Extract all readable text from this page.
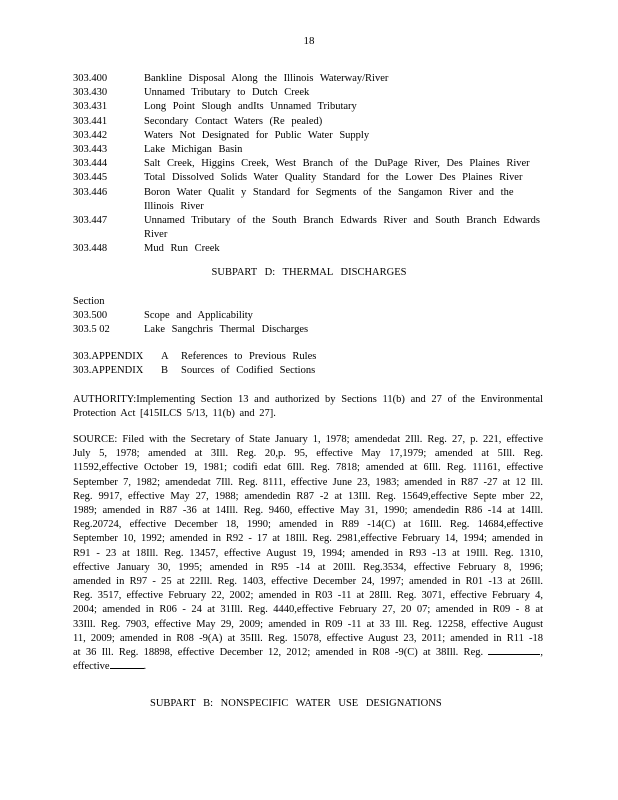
18
303.400	Bankline Disposal Along the Illinois Waterway/River
303.430	Unnamed Tributary to Dutch Creek
303.431	Long Point Slough andIts Unnamed Tributary
303.441	Secondary Contact Waters (Re pealed)
303.442	Waters Not Designated for Public Water Supply
303.443	Lake Michigan Basin
303.444	Salt Creek, Higgins Creek, West Branch of the DuPage River, Des Plaines River
303.445	Total Dissolved Solids Water Quality Standard for the Lower Des Plaines River
303.446	Boron Water Qualit y Standard for Segments of the Sangamon River and the Illinois River
303.447	Unnamed Tributary of the South Branch Edwards River and South Branch Edwards River
303.448	Mud Run Creek
SUBPART D: THERMAL DISCHARGES
Section
303.500	Scope and Applicability
303.5 02	Lake Sangchris Thermal Discharges
303.APPENDIX	A	References to Previous Rules
303.APPENDIX	B	Sources of Codified Sections
AUTHORITY:Implementing Section 13 and authorized by Sections 11(b) and 27 of the Environmental Protection Act [415ILCS 5/13, 11(b) and 27].
SOURCE: Filed with the Secretary of State January 1, 1978; amendedat 2Ill. Reg. 27, p. 221, effective July 5, 1978; amended at 3Ill. Reg. 20,p. 95, effective May 17,1979; amended at 5Ill. Reg. 11592,effective October 19, 1981; codifi edat 6Ill. Reg. 7818; amended at 6Ill. Reg. 11161, effective September 7, 1982; amendedat 7Ill. Reg. 8111, effective June 23, 1983; amended in R87 -27 at 12 Ill. Reg. 9917, effective May 27, 1988; amendedin R87 -2 at 13Ill. Reg. 15649,effective Septe mber 22, 1989; amended in R87 -36 at 14Ill. Reg. 9460, effective May 31, 1990; amendedin R86 -14 at 14Ill. Reg.20724, effective December 18, 1990; amended in R89 -14(C) at 16Ill. Reg. 14684,effective September 10, 1992; amended in R92 - 17 at 18Ill. Reg. 2981,effective February 14, 1994; amended in R91 - 23 at 18Ill. Reg. 13457, effective August 19, 1994; amended in R93 -13 at 19Ill. Reg. 1310, effective January 30, 1995; amended in R95 -14 at 20Ill. Reg.3534, effective February 8, 1996; amended in R97 - 25 at 22Ill. Reg. 1403, effective December 24, 1997; amended in R01 -13 at 26Ill. Reg. 3517, effective February 22, 2002; amended in R03 -11 at 28Ill. Reg. 3071, effective February 4, 2004; amended in R06 - 24 at 31Ill. Reg. 4440,effective February 27, 20 07; amended in R09 - 8 at 33Ill. Reg. 7903, effective May 29, 2009; amended in R09 -11 at 33 Ill. Reg. 12258, effective August 11, 2009; amended in R08 -9(A) at 35Ill. Reg. 15078, effective August 23, 2011; amended in R11 -18 at 36 Ill. Reg. 18898, effective December 12, 2012; amended in R08 -9(C) at 38Ill. Reg.	, effective	.
SUBPART B: NONSPECIFIC WATER USE DESIGNATIONS
